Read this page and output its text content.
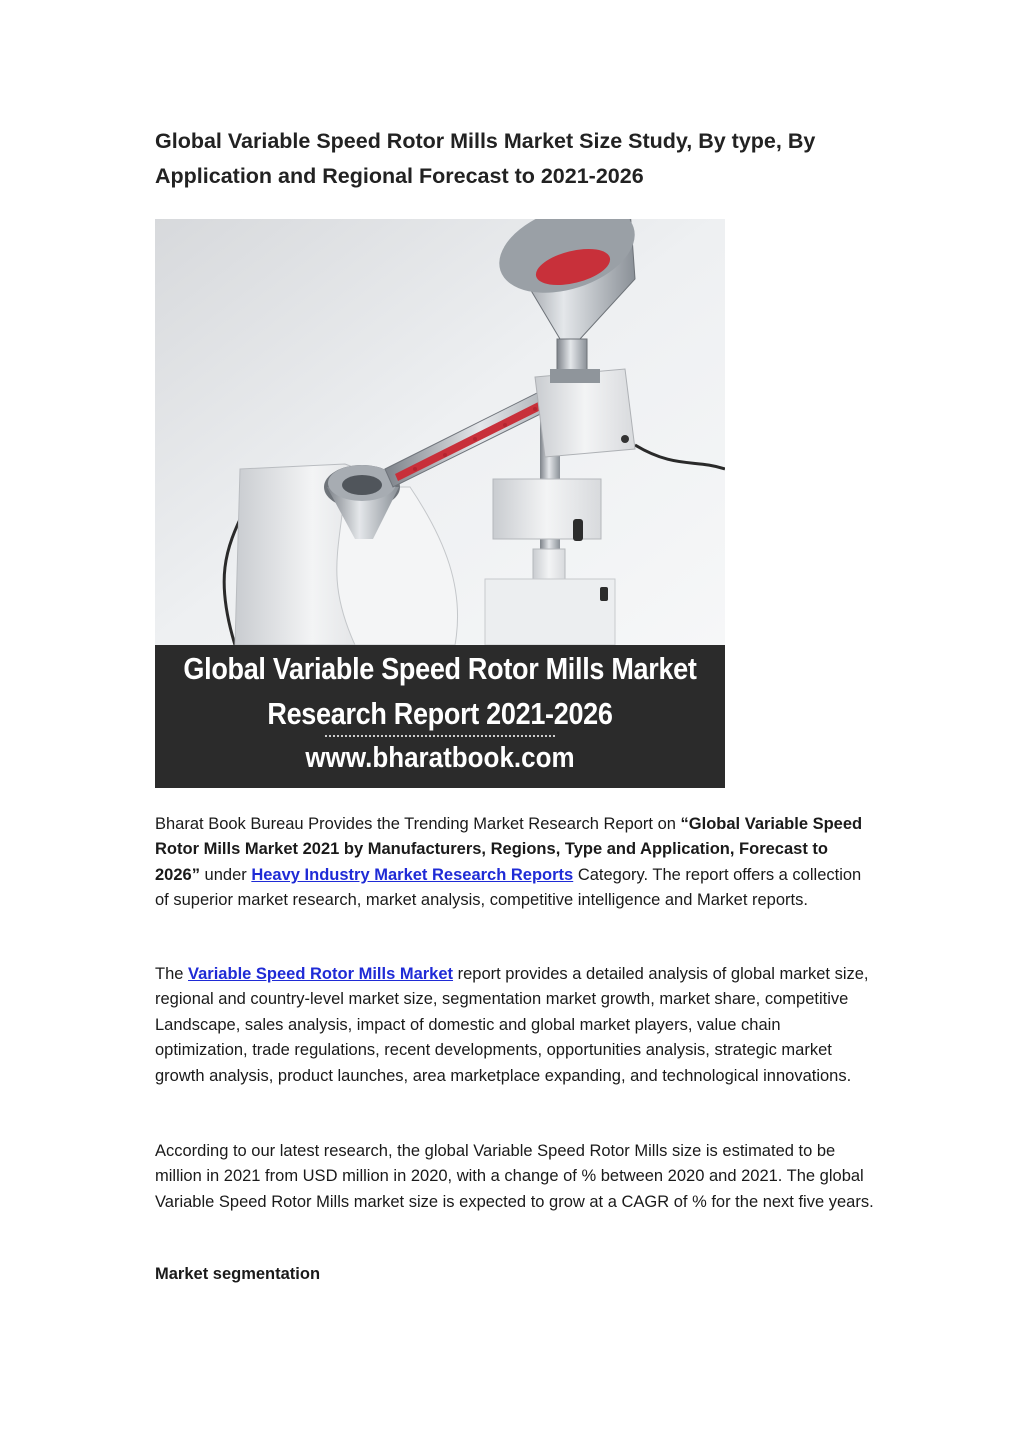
Global Variable Speed Rotor Mills Market Size Study, By type, By Application and Regional Forecast to 2021-2026
Global Variable Speed Rotor Mills Market Research Report 2021-2026
www.bharatbook.com

Bharat Book Bureau Provides the Trending Market Research Report on “Global Variable Speed Rotor Mills Market 2021 by Manufacturers, Regions, Type and Application, Forecast to 2026” under Heavy Industry Market Research Reports Category. The report offers a collection of superior market research, market analysis, competitive intelligence and Market reports.

The Variable Speed Rotor Mills Market report provides a detailed analysis of global market size, regional and country-level market size, segmentation market growth, market share, competitive Landscape, sales analysis, impact of domestic and global market players, value chain optimization, trade regulations, recent developments, opportunities analysis, strategic market growth analysis, product launches, area marketplace expanding, and technological innovations.

According to our latest research, the global Variable Speed Rotor Mills size is estimated to be million in 2021 from USD million in 2020, with a change of % between 2020 and 2021. The global Variable Speed Rotor Mills market size is expected to grow at a CAGR of % for the next five years.

Market segmentation
